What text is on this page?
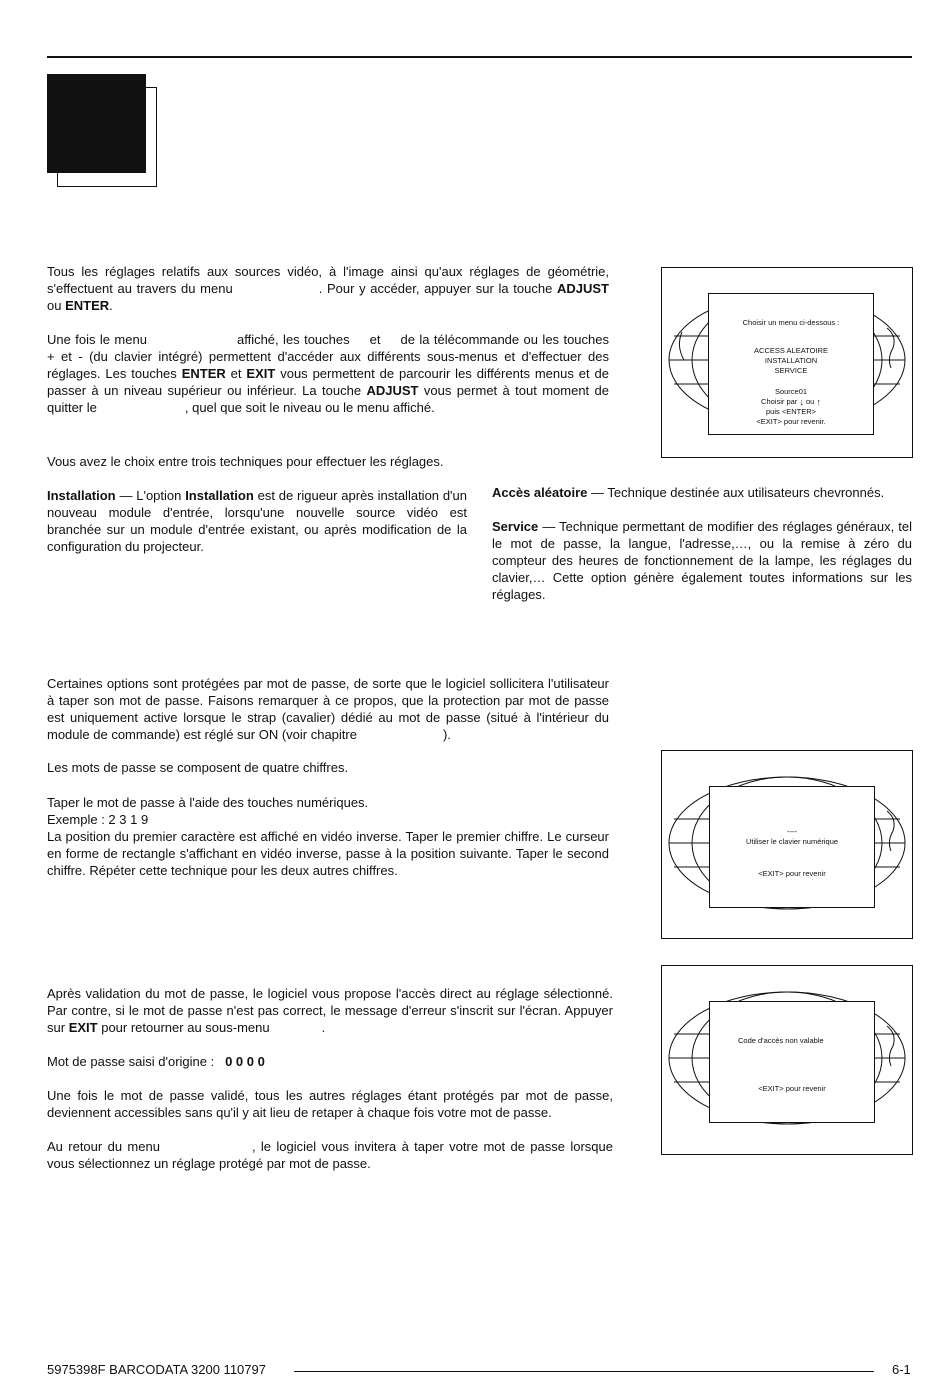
Tous les réglages relatifs aux sources vidéo, à l'image ainsi qu'aux réglages de géométrie, s'effectuent au travers du menu	. Pour y accéder, appuyer sur la touche ADJUST ou ENTER.

Une fois le menu	affiché, les touches et de la télécommande ou les touches + et - (du clavier intégré) permettent d'accéder aux différents sous-menus et d'effectuer des réglages. Les touches ENTER et EXIT vous permettent de parcourir les différents menus et de passer à un niveau supérieur ou inférieur. La touche ADJUST vous permet à tout moment de quitter le	, quel que soit le niveau ou le menu affiché.

Choisir un menu ci-dessous :
ACCESS ALEATOIRE
INSTALLATION
SERVICE
Source01
Choisir par ↓ ou ↑
puis <ENTER>
<EXIT> pour revenir.

Vous avez le choix entre trois techniques pour effectuer les réglages.

Installation — L'option Installation est de rigueur après installation d'un nouveau module d'entrée, lorsqu'une nouvelle source vidéo est branchée sur un module d'entrée existant, ou après modification de la configuration du projecteur.

Accès aléatoire — Technique destinée aux utilisateurs chevronnés.

Service — Technique permettant de modifier des réglages généraux, tel le mot de passe, la langue, l'adresse,…, ou la remise à zéro du compteur des heures de fonctionnement de la lampe, les réglages du clavier,… Cette option génère également toutes informations sur les réglages.

Certaines options sont protégées par mot de passe, de sorte que le logiciel sollicitera l'utilisateur à taper son mot de passe. Faisons remarquer à ce propos, que la protection par mot de passe est uniquement active lorsque le strap (cavalier) dédié au mot de passe (situé à l'intérieur du module de commande) est réglé sur ON (voir chapitre	).

Les mots de passe se composent de quatre chiffres.

Taper le mot de passe à l'aide des touches numériques.
Exemple : 2 3 1 9
La position du premier caractère est affiché en vidéo inverse. Taper le premier chiffre. Le curseur en forme de rectangle s'affichant en vidéo inverse, passe à la position suivante. Taper le second chiffre. Répéter cette technique pour les deux autres chiffres.

----
Utiliser le clavier numérique
<EXIT> pour revenir

Après validation du mot de passe, le logiciel vous propose l'accès direct au réglage sélectionné. Par contre, si le mot de passe n'est pas correct, le message d'erreur s'inscrit sur l'écran. Appuyer sur EXIT pour retourner au sous-menu	.

Mot de passe saisi d'origine : 0 0 0 0

Une fois le mot de passe validé, tous les autres réglages étant protégés par mot de passe, deviennent accessibles sans qu'il y ait lieu de retaper à chaque fois votre mot de passe.

Au retour du menu	, le logiciel vous invitera à taper votre mot de passe lorsque vous sélectionnez un réglage protégé par mot de passe.

Code d'accès non valable
<EXIT> pour revenir
5975398F BARCODATA 3200 110797	6-1
